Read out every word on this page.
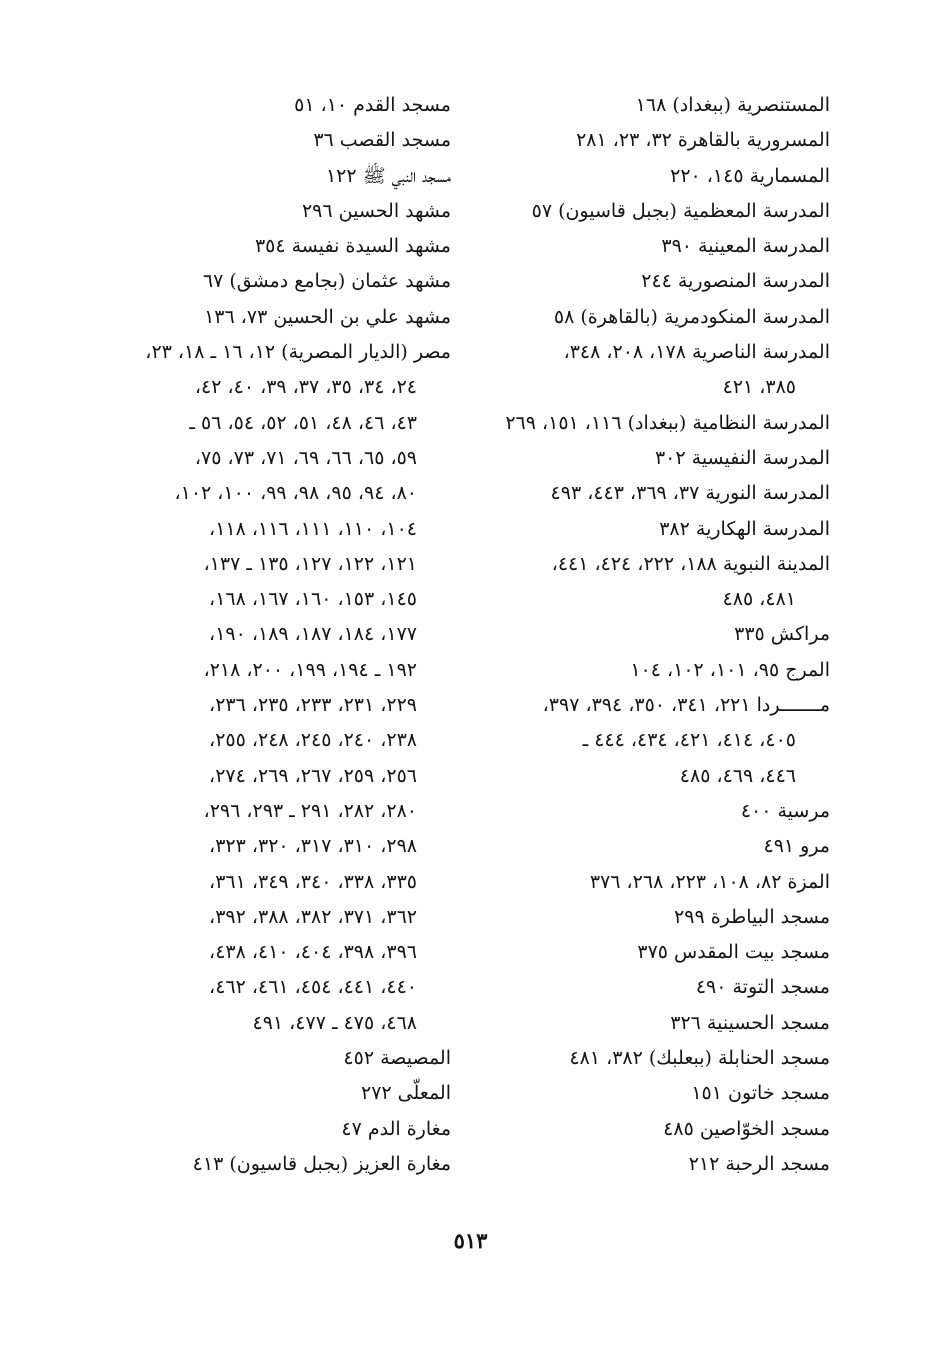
المستنصرية (ببغداد) ١٦٨
المسرورية بالقاهرة ٣٢، ٢٣، ٢٨١
المسمارية ١٤٥، ٢٢٠
المدرسة المعظمية (بجبل قاسيون) ٥٧
المدرسة المعينية ٣٩٠
المدرسة المنصورية ٢٤٤
المدرسة المنكودمرية (بالقاهرة) ٥٨
المدرسة الناصرية ١٧٨، ٢٠٨، ٣٤٨،
٣٨٥، ٤٢١
المدرسة النظامية (ببغداد) ١١٦، ١٥١، ٢٦٩
المدرسة النفيسية ٣٠٢
المدرسة النورية ٣٧، ٣٦٩، ٤٤٣، ٤٩٣
المدرسة الهكارية ٣٨٢
المدينة النبوية ١٨٨، ٢٢٢، ٤٢٤، ٤٤١،
٤٨١، ٤٨٥
مراكش ٣٣٥
المرج ٩٥، ١٠١، ١٠٢، ١٠٤
مـــــــردا ٢٢١، ٣٤١، ٣٥٠، ٣٩٤، ٣٩٧،
٤٠٥، ٤١٤، ٤٢١، ٤٣٤، ٤٤٤ ـ
٤٤٦، ٤٦٩، ٤٨٥
مرسية ٤٠٠
مرو ٤٩١
المزة ٨٢، ١٠٨، ٢٢٣، ٢٦٨، ٣٧٦
مسجد البياطرة ٢٩٩
مسجد بيت المقدس ٣٧٥
مسجد التوتة ٤٩٠
مسجد الحسينية ٣٢٦
مسجد الحنابلة (ببعلبك) ٣٨٢، ٤٨١
مسجد خاتون ١٥١
مسجد الخوّاصين ٤٨٥
مسجد الرحبة ٢١٢
مسجد القدم ١٠، ٥١
مسجد القصب ٣٦
مسجد النبي ﷺ ١٢٢
مشهد الحسين ٢٩٦
مشهد السيدة نفيسة ٣٥٤
مشهد عثمان (بجامع دمشق) ٦٧
مشهد علي بن الحسين ٧٣، ١٣٦
مصر (الديار المصرية) ١٢، ١٦ ـ ١٨، ٢٣،
٢٤، ٣٤، ٣٥، ٣٧، ٣٩، ٤٠، ٤٢،
٤٣، ٤٦، ٤٨، ٥١، ٥٢، ٥٤، ٥٦ ـ
٥٩، ٦٥، ٦٦، ٦٩، ٧١، ٧٣، ٧٥،
٨٠، ٩٤، ٩٥، ٩٨، ٩٩، ١٠٠، ١٠٢،
١٠٤، ١١٠، ١١١، ١١٦، ١١٨،
١٢١، ١٢٢، ١٢٧، ١٣٥ ـ ١٣٧،
١٤٥، ١٥٣، ١٦٠، ١٦٧، ١٦٨،
١٧٧، ١٨٤، ١٨٧، ١٨٩، ١٩٠،
١٩٢ ـ ١٩٤، ١٩٩، ٢٠٠، ٢١٨،
٢٢٩، ٢٣١، ٢٣٣، ٢٣٥، ٢٣٦،
٢٣٨، ٢٤٠، ٢٤٥، ٢٤٨، ٢٥٥،
٢٥٦، ٢٥٩، ٢٦٧، ٢٦٩، ٢٧٤،
٢٨٠، ٢٨٢، ٢٩١ ـ ٢٩٣، ٢٩٦،
٢٩٨، ٣١٠، ٣١٧، ٣٢٠، ٣٢٣،
٣٣٥، ٣٣٨، ٣٤٠، ٣٤٩، ٣٦١،
٣٦٢، ٣٧١، ٣٨٢، ٣٨٨، ٣٩٢،
٣٩٦، ٣٩٨، ٤٠٤، ٤١٠، ٤٣٨،
٤٤٠، ٤٤١، ٤٥٤، ٤٦١، ٤٦٢،
٤٦٨، ٤٧٥ ـ ٤٧٧، ٤٩١
المصيصة ٤٥٢
المعلّى ٢٧٢
مغارة الدم ٤٧
مغارة العزيز (بجبل قاسيون) ٤١٣
٥١٣
